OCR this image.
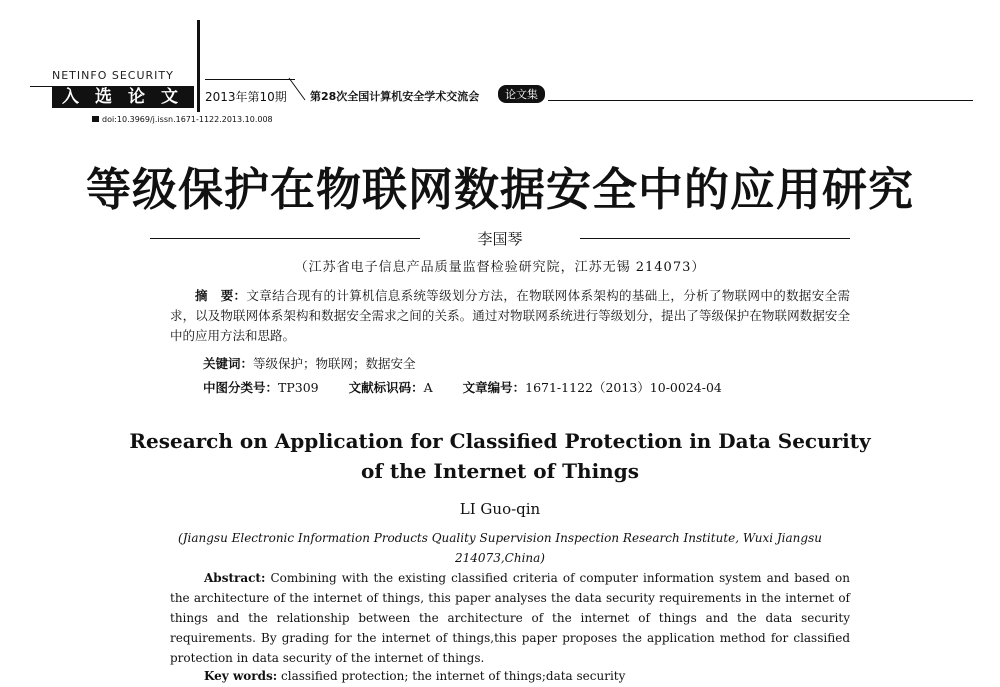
NETINFO SECURITY
入选论文 2013年第10期 第28次全国计算机安全学术交流会	论文集
doi:10.3969/j.issn.1671-1122.2013.10.008
等级保护在物联网数据安全中的应用研究
李国琴
（江苏省电子信息产品质量监督检验研究院，江苏无锡 214073）
摘　要：文章结合现有的计算机信息系统等级划分方法，在物联网体系架构的基础上，分析了物联网中的数据安全需求，以及物联网体系架构和数据安全需求之间的关系。通过对物联网系统进行等级划分，提出了等级保护在物联网数据安全中的应用方法和思路。
关键词：等级保护；物联网；数据安全
中图分类号：TP309 文献标识码：A 文章编号：1671-1122（2013）10-0024-04
Research on Application for Classified Protection in Data Security
of the Internet of Things
LI Guo-qin
(Jiangsu Electronic Information Products Quality Supervision Inspection Research Institute, Wuxi Jiangsu
214073,China)
Abstract: Combining with the existing classified criteria of computer information system and based on the architecture of the internet of things, this paper analyses the data security requirements in the internet of things and the relationship between the architecture of the internet of things and the data security requirements. By grading for the internet of things,this paper proposes the application method for classified protection in data security of the internet of things.
Key words: classified protection; the internet of things;data security
